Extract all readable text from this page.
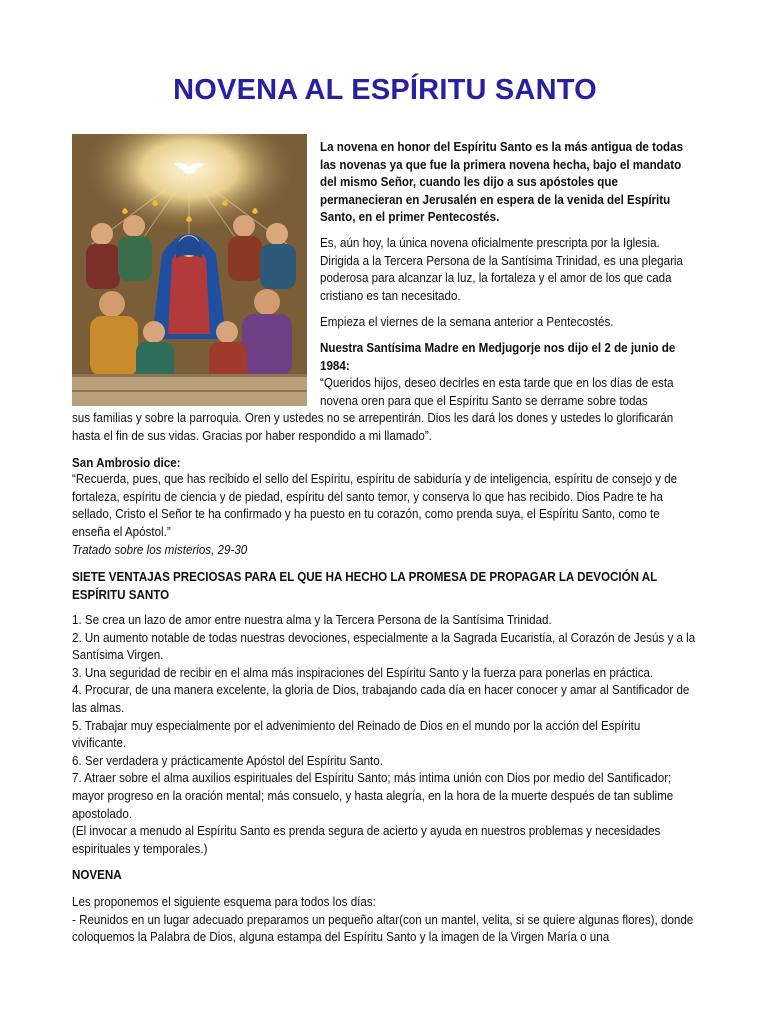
NOVENA AL ESPÍRITU SANTO

La novena en honor del Espíritu Santo es la más antigua de todas las novenas ya que fue la primera novena hecha, bajo el mandato del mismo Señor, cuando les dijo a sus apóstoles que permanecieran en Jerusalén en espera de la venida del Espíritu Santo, en el primer Pentecostés.

Es, aún hoy, la única novena oficialmente prescripta por la Iglesia. Dirigida a la Tercera Persona de la Santísima Trinidad, es una plegaria poderosa para alcanzar la luz, la fortaleza y el amor de los que cada cristiano es tan necesitado.

Empieza el viernes de la semana anterior a Pentecostés.

Nuestra Santísima Madre en Medjugorje nos dijo el 2 de junio de 1984:

“Queridos hijos, deseo decirles en esta tarde que en los días de esta novena oren para que el Espíritu Santo se derrame sobre todas

sus familias y sobre la parroquia. Oren y ustedes no se arrepentirán. Dios les dará los dones y ustedes lo glorificarán hasta el fin de sus vidas. Gracias por haber respondido a mi llamado”.

San Ambrosio dice:

“Recuerda, pues, que has recibido el sello del Espíritu, espíritu de sabiduría y de inteligencia, espíritu de consejo y de fortaleza, espíritu de ciencia y de piedad, espíritu del santo temor, y conserva lo que has recibido. Dios Padre te ha sellado, Cristo el Señor te ha confirmado y ha puesto en tu corazón, como prenda suya, el Espíritu Santo, como te enseña el Apóstol.”

Tratado sobre los misterios, 29-30

SIETE VENTAJAS PRECIOSAS PARA EL QUE HA HECHO LA PROMESA DE PROPAGAR LA DEVOCIÓN AL ESPÍRITU SANTO

1. Se crea un lazo de amor entre nuestra alma y la Tercera Persona de la Santísima Trinidad.

2. Un aumento notable de todas nuestras devociones, especialmente a la Sagrada Eucaristía, al Corazón de Jesús y a la Santísima Virgen.

3. Una seguridad de recibir en el alma más inspiraciones del Espíritu Santo y la fuerza para ponerlas en práctica.

4. Procurar, de una manera excelente, la gloria de Dios, trabajando cada día en hacer conocer y amar al Santificador de las almas.

5. Trabajar muy especialmente por el advenimiento del Reinado de Dios en el mundo por la acción del Espíritu vivificante.

6. Ser verdadera y prácticamente Apóstol del Espíritu Santo.

7. Atraer sobre el alma auxilios espirituales del Espíritu Santo; más intima unión con Dios por medio del Santificador; mayor progreso en la oración mental; más consuelo, y hasta alegría, en la hora de la muerte después de tan sublime apostolado.

(El invocar a menudo al Espíritu Santo es prenda segura de acierto y ayuda en nuestros problemas y necesidades espirituales y temporales.)

NOVENA

Les proponemos el siguiente esquema para todos los días:

- Reunidos en un lugar adecuado preparamos un pequeño altar(con un mantel, velita, si se quiere algunas flores), donde coloquemos la Palabra de Dios, alguna estampa del Espíritu Santo y la imagen de la Virgen María o una
